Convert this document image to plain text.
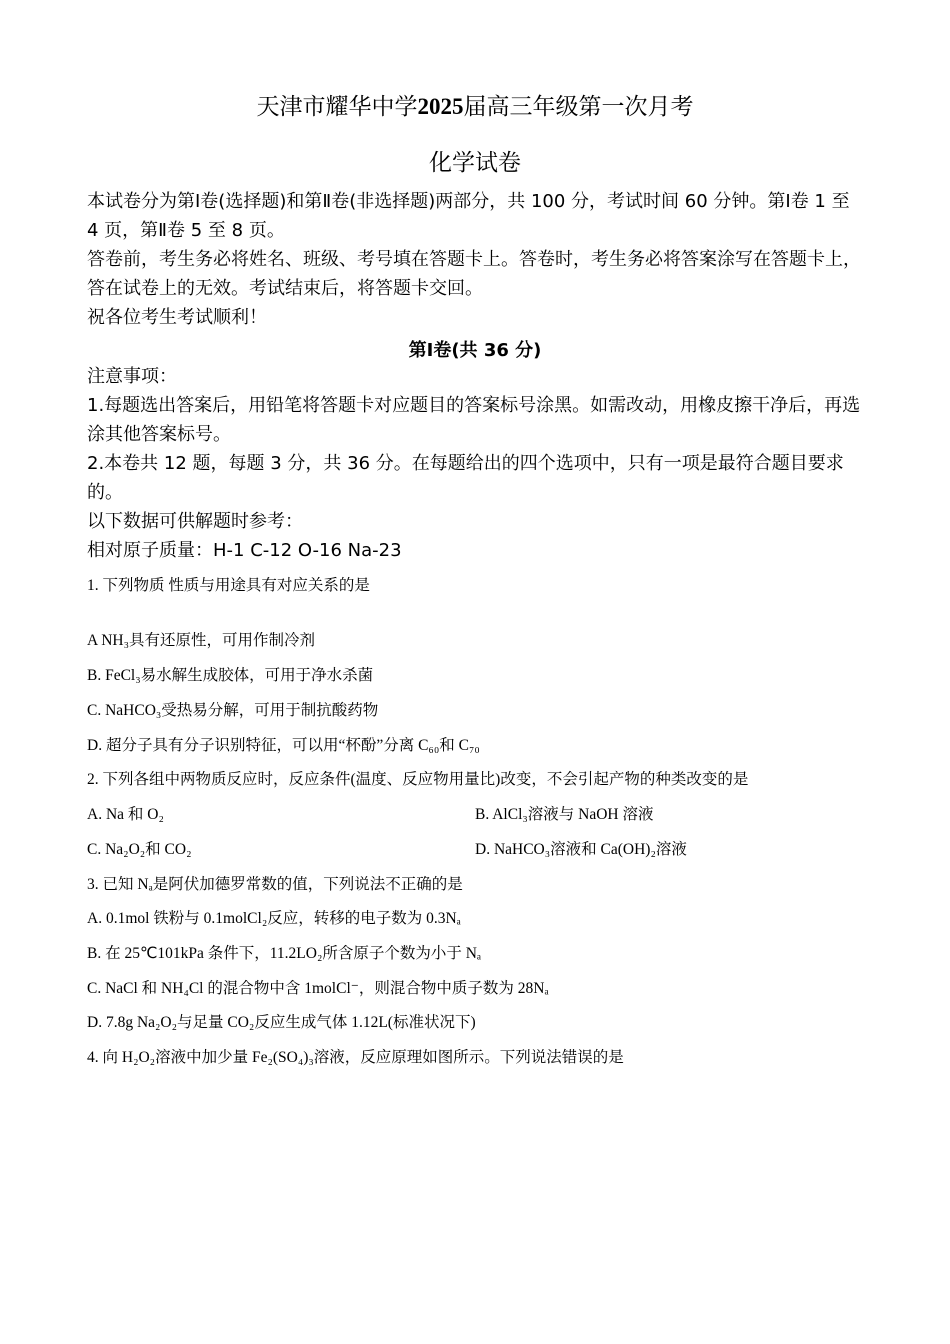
天津市耀华中学2025届高三年级第一次月考
化学试卷
本试卷分为第Ⅰ卷(选择题)和第Ⅱ卷(非选择题)两部分，共 100 分，考试时间 60 分钟。第Ⅰ卷 1 至 4 页，第Ⅱ卷 5 至 8 页。
答卷前，考生务必将姓名、班级、考号填在答题卡上。答卷时，考生务必将答案涂写在答题卡上，答在试卷上的无效。考试结束后，将答题卡交回。
祝各位考生考试顺利！
第Ⅰ卷(共 36 分)
注意事项：
1.每题选出答案后，用铅笔将答题卡对应题目的答案标号涂黑。如需改动，用橡皮擦干净后，再选涂其他答案标号。
2.本卷共 12 题，每题 3 分，共 36 分。在每题给出的四个选项中，只有一项是最符合题目要求的。
以下数据可供解题时参考：
相对原子质量：H-1 C-12 O-16 Na-23
1. 下列物质 性质与用途具有对应关系的是
A NH₃具有还原性，可用作制冷剂
B. FeCl₃易水解生成胶体，可用于净水杀菌
C. NaHCO₃受热易分解，可用于制抗酸药物
D. 超分子具有分子识别特征，可以用“杯酚”分离 C₆₀和 C₇₀
2. 下列各组中两物质反应时，反应条件(温度、反应物用量比)改变，不会引起产物的种类改变的是
A. Na 和 O₂	B. AlCl₃溶液与 NaOH 溶液
C. Na₂O₂和 CO₂	D. NaHCO₃溶液和 Ca(OH)₂溶液
3. 已知 Nₐ是阿伏加德罗常数的值，下列说法不正确的是
A. 0.1mol 铁粉与 0.1molCl₂反应，转移的电子数为 0.3Nₐ
B. 在 25℃101kPa 条件下，11.2LO₂所含原子个数为小于 Nₐ
C. NaCl 和 NH₄Cl 的混合物中含 1molCl⁻，则混合物中质子数为 28Nₐ
D. 7.8g Na₂O₂与足量 CO₂反应生成气体 1.12L(标准状况下)
4. 向 H₂O₂溶液中加少量 Fe₂(SO₄)₃溶液，反应原理如图所示。下列说法错误的是
